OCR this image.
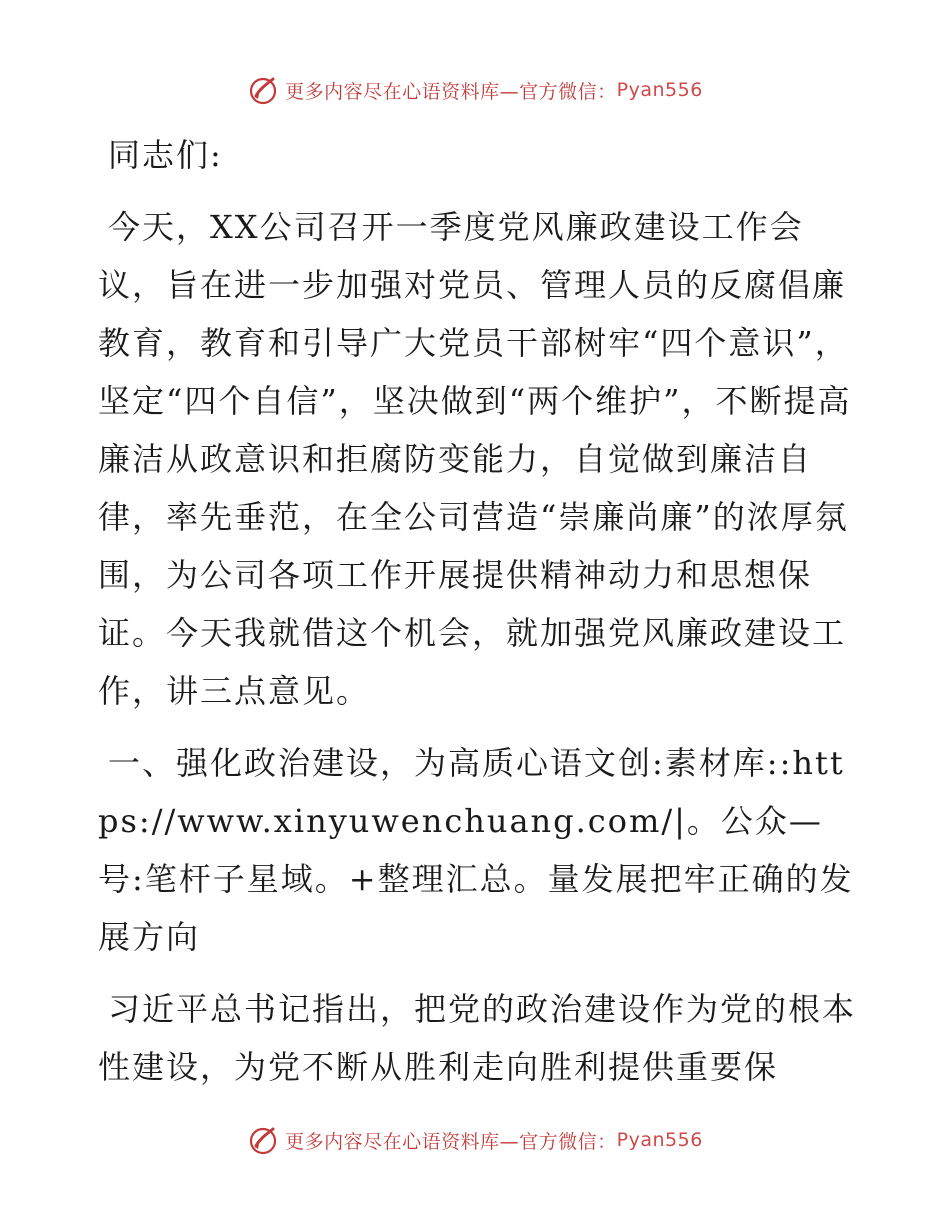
更多内容尽在心语资料库—官方微信： Pyan556

同志们:

今天，XX公司召开一季度党风廉政建设工作会议，旨在进一步加强对党员、管理人员的反腐倡廉教育，教育和引导广大党员干部树牢“四个意识”，坚定“四个自信”，坚决做到“两个维护”，不断提高廉洁从政意识和拒腐防变能力，自觉做到廉洁自律，率先垂范，在全公司营造“崇廉尚廉”的浓厚氛围，为公司各项工作开展提供精神动力和思想保证。今天我就借这个机会，就加强党风廉政建设工作，讲三点意见。

一、强化政治建设，为高质心语文创:素材库::https://www.xinyuwenchuang.com/|。公众—号:笔杆子星域。+整理汇总。量发展把牢正确的发展方向

习近平总书记指出，把党的政治建设作为党的根本性建设，为党不断从胜利走向胜利提供重要保

更多内容尽在心语资料库—官方微信： Pyan556
